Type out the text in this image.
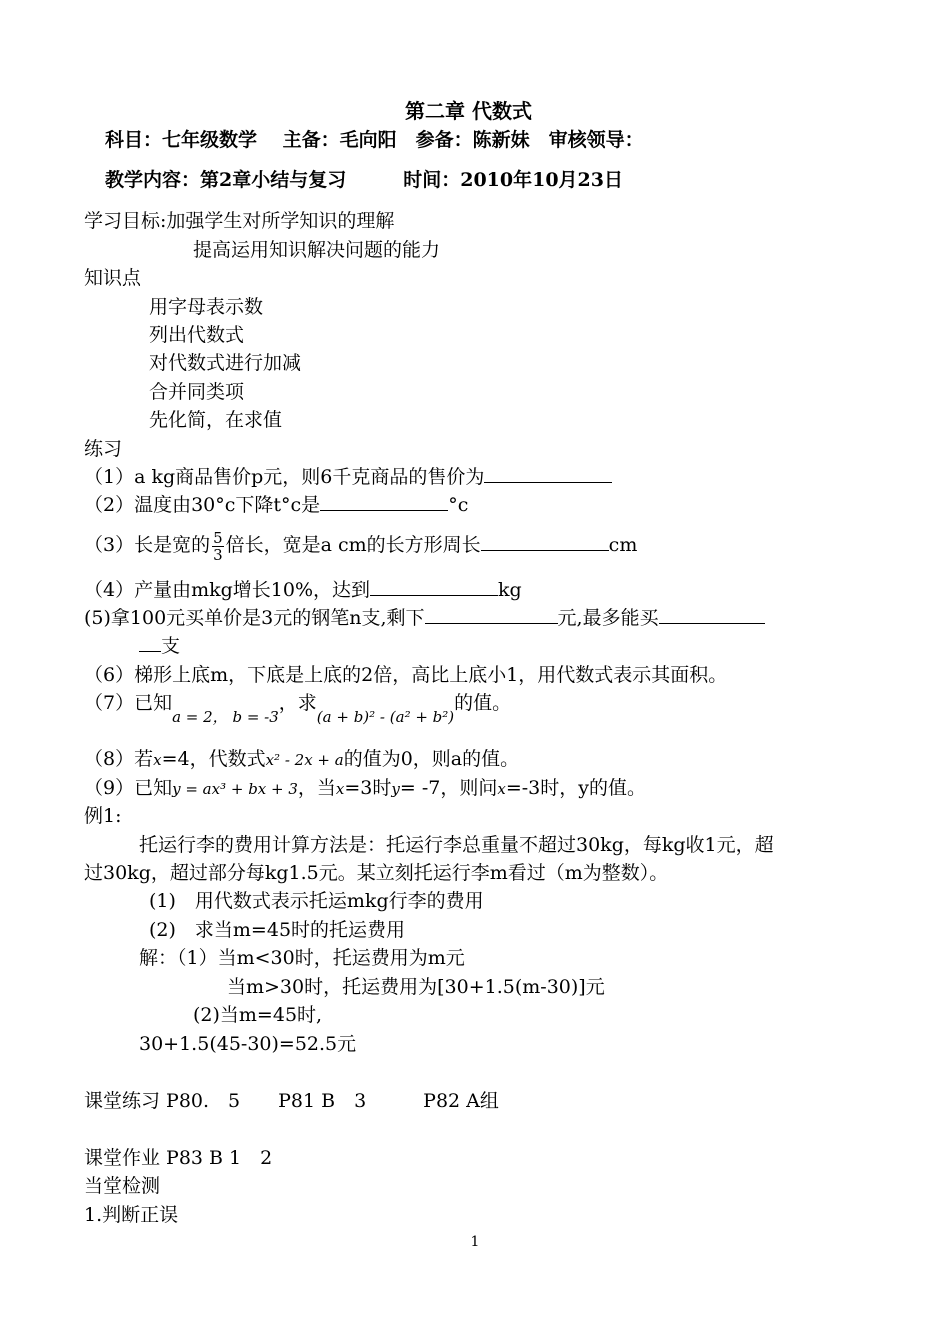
第二章 代数式
科目：七年级数学　 主备：毛向阳　参备：陈新妹　审核领导：
教学内容：第2章小结与复习　　　时间：2010年10月23日
学习目标:加强学生对所学知识的理解
提高运用知识解决问题的能力
知识点
用字母表示数
列出代数式
对代数式进行加减
合并同类项
先化简，在求值
练习
（1）a kg商品售价p元，则6千克商品的售价为
（2）温度由30°c下降t°c是	°c
（3）长是宽的 $\frac{5}{3}$ 倍长，宽是a cm的长方形周长	cm
（4）产量由mkg增长10%，达到	kg
(5)拿100元买单价是3元的钢笔n支,剩下	元,最多能买
支
（6）梯形上底m，下底是上底的2倍，高比上底小1，用代数式表示其面积。
（7）已知$_{a = 2, b = -3}$，求$_{(a + b)^2 - (a^2 + b^2)}$的值。
（8）若x=4，代数式x² - 2x + a的值为0，则a的值。
（9）已知y = ax³ + bx + 3，当x=3时y= -7，则问x=-3时，y的值。
例1:
托运行李的费用计算方法是：托运行李总重量不超过30kg，每kg收1元，超
过30kg，超过部分每kg1.5元。某立刻托运行李m看过（m为整数）。
(1)　用代数式表示托运mkg行李的费用
(2)　求当m=45时的托运费用
解：（1）当m<30时，托运费用为m元
当m>30时，托运费用为[30+1.5(m-30)]元
(2)当m=45时,
30+1.5(45-30)=52.5元
课堂练习 P80.　5　　P81 B　3　　　P82 A组
课堂作业 P83 B 1　2
当堂检测
1.判断正误
1
